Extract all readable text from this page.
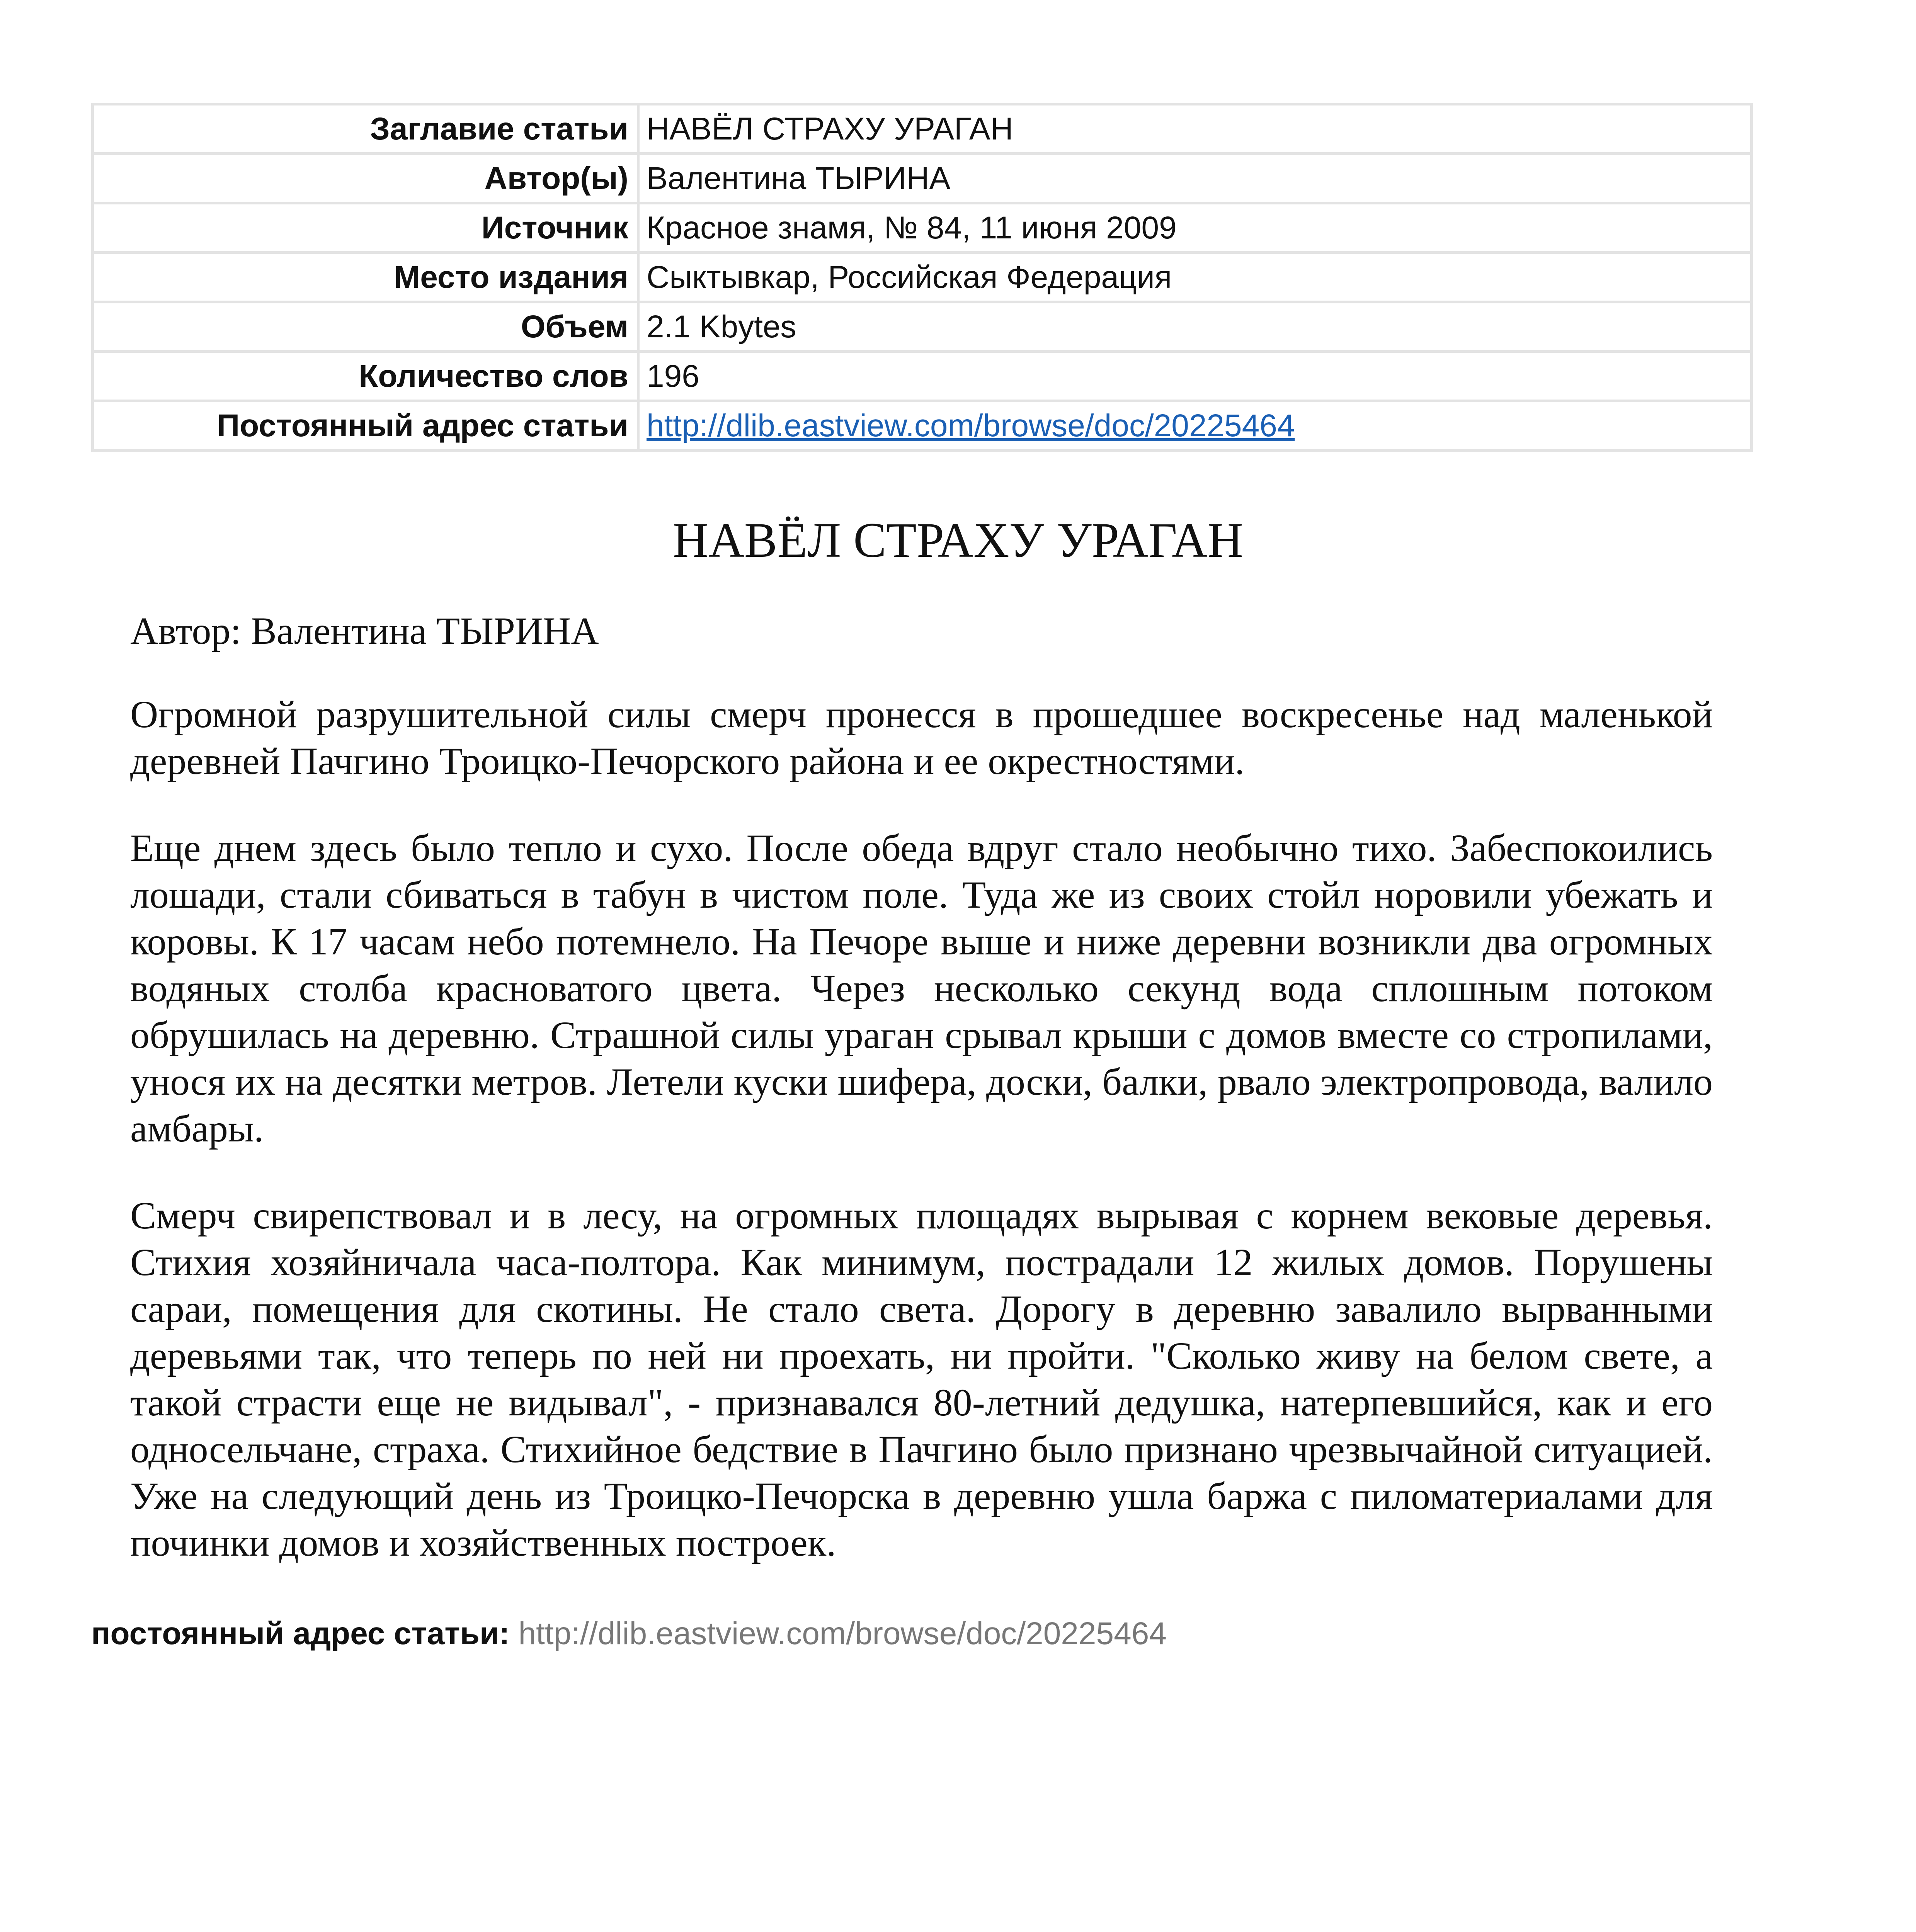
Заглавие статьи	НАВЁЛ СТРАХУ УРАГАН
Автор(ы)	Валентина ТЫРИНА
Источник	Красное знамя, № 84, 11 июня 2009
Место издания	Сыктывкар, Российская Федерация
Объем	2.1 Kbytes
Количество слов	196
Постоянный адрес статьи	http://dlib.eastview.com/browse/doc/20225464
НАВЁЛ СТРАХУ УРАГАН

Автор: Валентина ТЫРИНА

Огромной разрушительной силы смерч пронесся в прошедшее воскресенье над маленькой деревней Пачгино Троицко-Печорского района и ее окрестностями.

Еще днем здесь было тепло и сухо. После обеда вдруг стало необычно тихо. Забеспокоились лошади, стали сбиваться в табун в чистом поле. Туда же из своих стойл норовили убежать и коровы. К 17 часам небо потемнело. На Печоре выше и ниже деревни возникли два огромных водяных столба красноватого цвета. Через несколько секунд вода сплошным потоком обрушилась на деревню. Страшной силы ураган срывал крыши с домов вместе со стропилами, унося их на десятки метров. Летели куски шифера, доски, балки, рвало электропровода, валило амбары.

Смерч свирепствовал и в лесу, на огромных площадях вырывая с корнем вековые деревья. Стихия хозяйничала часа-полтора. Как минимум, пострадали 12 жилых домов. Порушены сараи, помещения для скотины. Не стало света. Дорогу в деревню завалило вырванными деревьями так, что теперь по ней ни проехать, ни пройти. "Сколько живу на белом свете, а такой страсти еще не видывал", - признавался 80-летний дедушка, натерпевшийся, как и его односельчане, страха. Стихийное бедствие в Пачгино было признано чрезвычайной ситуацией. Уже на следующий день из Троицко-Печорска в деревню ушла баржа с пиломатериалами для починки домов и хозяйственных построек.

постоянный адрес статьи: http://dlib.eastview.com/browse/doc/20225464
